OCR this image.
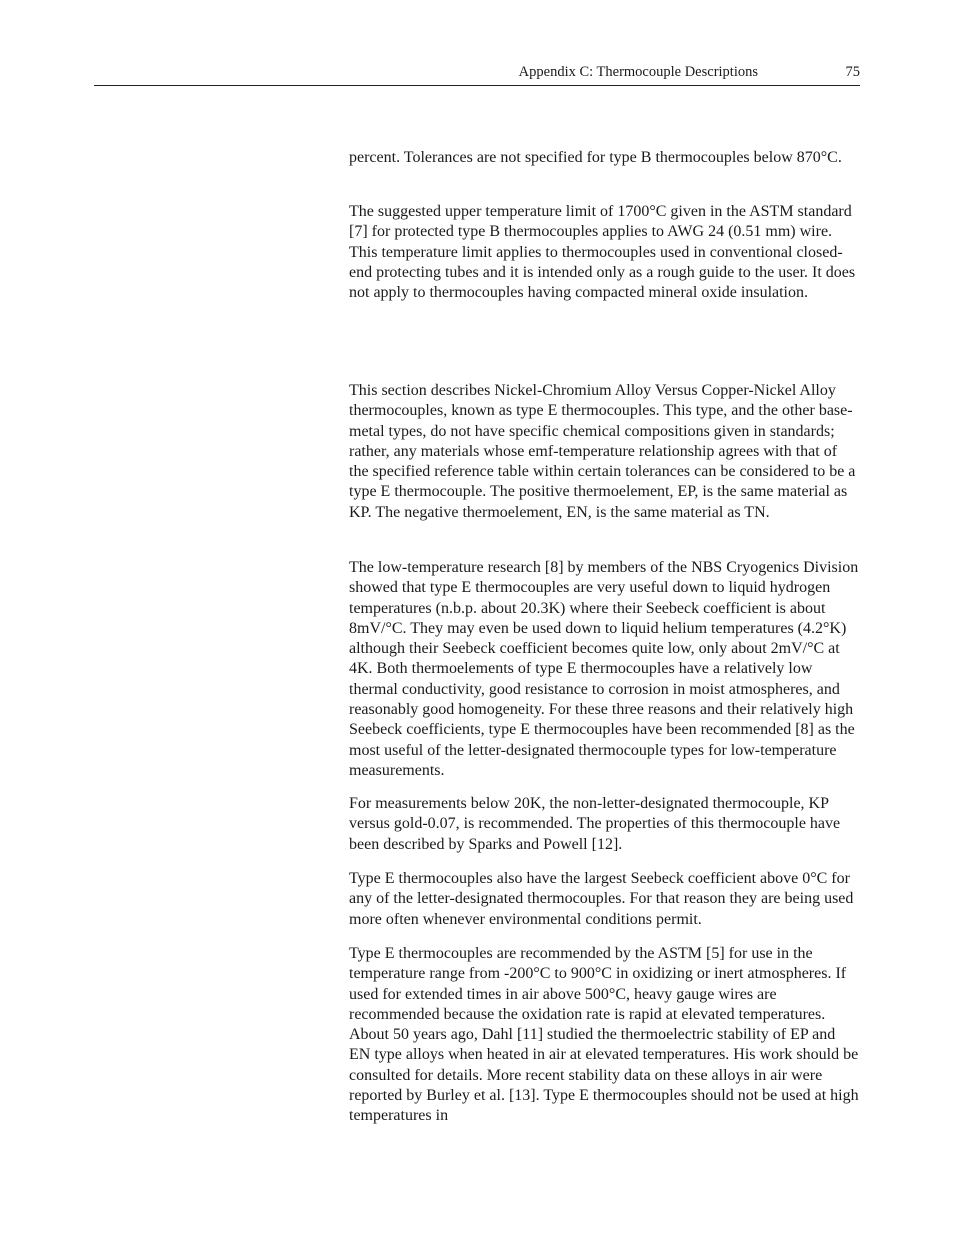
Appendix C: Thermocouple Descriptions	75

percent. Tolerances are not specified for type B thermocouples below 870°C.

The suggested upper temperature limit of 1700°C given in the ASTM standard [7] for protected type B thermocouples applies to AWG 24 (0.51 mm) wire. This temperature limit applies to thermocouples used in conventional closed-end protecting tubes and it is intended only as a rough guide to the user. It does not apply to thermocouples having compacted mineral oxide insulation.

This section describes Nickel-Chromium Alloy Versus Copper-Nickel Alloy thermocouples, known as type E thermocouples. This type, and the other base-metal types, do not have specific chemical compositions given in standards; rather, any materials whose emf-temperature relationship agrees with that of the specified reference table within certain tolerances can be considered to be a type E thermocouple. The positive thermoelement, EP, is the same material as KP. The negative thermoelement, EN, is the same material as TN.

The low-temperature research [8] by members of the NBS Cryogenics Division showed that type E thermocouples are very useful down to liquid hydrogen temperatures (n.b.p. about 20.3K) where their Seebeck coefficient is about 8mV/°C. They may even be used down to liquid helium temperatures (4.2°K) although their Seebeck coefficient becomes quite low, only about 2mV/°C at 4K. Both thermoelements of type E thermocouples have a relatively low thermal conductivity, good resistance to corrosion in moist atmospheres, and reasonably good homogeneity. For these three reasons and their relatively high Seebeck coefficients, type E thermocouples have been recommended [8] as the most useful of the letter-designated thermocouple types for low-temperature measurements.

For measurements below 20K, the non-letter-designated thermocouple, KP versus gold-0.07, is recommended. The properties of this thermocouple have been described by Sparks and Powell [12].

Type E thermocouples also have the largest Seebeck coefficient above 0°C for any of the letter-designated thermocouples. For that reason they are being used more often whenever environmental conditions permit.

Type E thermocouples are recommended by the ASTM [5] for use in the temperature range from -200°C to 900°C in oxidizing or inert atmospheres. If used for extended times in air above 500°C, heavy gauge wires are recommended because the oxidation rate is rapid at elevated temperatures. About 50 years ago, Dahl [11] studied the thermoelectric stability of EP and EN type alloys when heated in air at elevated temperatures. His work should be consulted for details. More recent stability data on these alloys in air were reported by Burley et al. [13]. Type E thermocouples should not be used at high temperatures in
